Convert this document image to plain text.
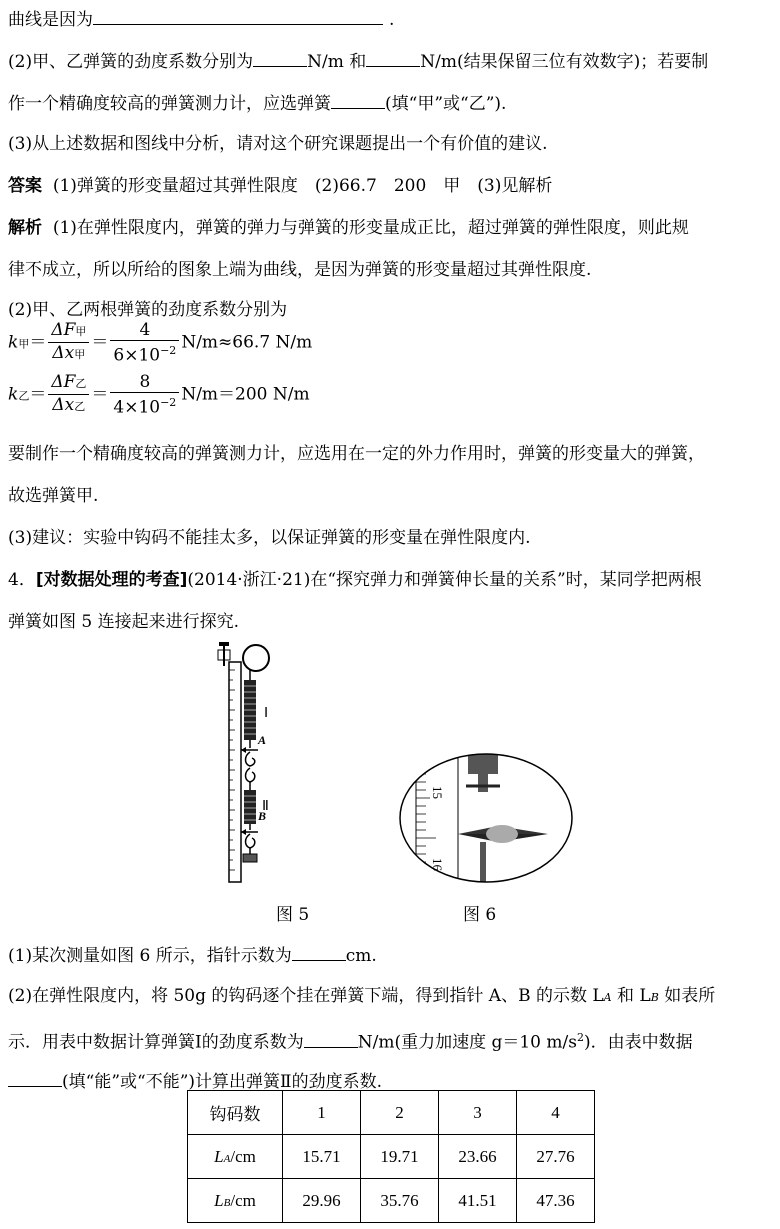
曲线是因为	.
(2)甲、乙弹簧的劲度系数分别为	N/m 和	N/m(结果保留三位有效数字)；若要制
作一个精确度较高的弹簧测力计，应选弹簧	(填“甲”或“乙”).
(3)从上述数据和图线中分析，请对这个研究课题提出一个有价值的建议.
答案 (1)弹簧的形变量超过其弹性限度　(2)66.7　200　甲　(3)见解析
解析 (1)在弹性限度内，弹簧的弹力与弹簧的形变量成正比，超过弹簧的弹性限度，则此规
律不成立，所以所给的图象上端为曲线，是因为弹簧的形变量超过其弹性限度.
(2)甲、乙两根弹簧的劲度系数分别为
k甲＝ $\frac{\text{ΔF甲}}{\text{Δx甲}} = \frac{4}{6\times 10^{-2}} N/m\approx 66.7$ N/m
k乙＝ $\frac{\text{ΔF乙}}{\text{Δx乙}} = \frac{8}{4\times 10^{-2}} N/m=200$ N/m
要制作一个精确度较高的弹簧测力计，应选用在一定的外力作用时，弹簧的形变量大的弹簧，
故选弹簧甲.
(3)建议：实验中钩码不能挂太多，以保证弹簧的形变量在弹性限度内.
4．[对数据处理的考查](2014·浙江·21)在“探究弹力和弹簧伸长量的关系”时，某同学把两根
弹簧如图 5 连接起来进行探究.
Ⅰ
A
Ⅱ
B
15
16
图 5	图 6
(1)某次测量如图 6 所示，指针示数为	cm.
(2)在弹性限度内，将 50g 的钩码逐个挂在弹簧下端，得到指针 A、B 的示数 LA 和 LB 如表所
示．用表中数据计算弹簧Ⅰ的劲度系数为	N/m(重力加速度 g＝10 $m/s^2$)．由表中数据
(填“能”或“不能”)计算出弹簧Ⅱ的劲度系数.
钩码数	1	2	3	4
LA/cm	15.71	19.71	23.66	27.76
LB/cm	29.96	35.76	41.51	47.36
